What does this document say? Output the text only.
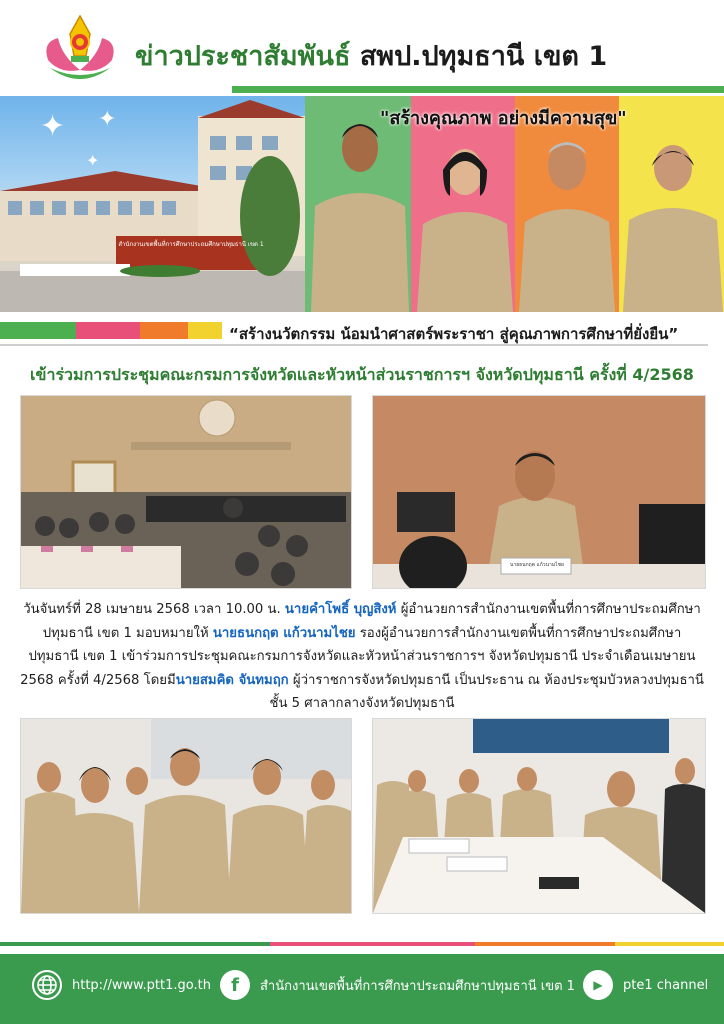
ข่าวประชาสัมพันธ์ สพป.ปทุมธานี เขต 1
✦ ✦
✦
สำนักงานเขตพื้นที่การศึกษาประถมศึกษาปทุมธานี เขต 1
"สร้างคุณภาพ อย่างมีความสุข"
“สร้างนวัตกรรม น้อมนำศาสตร์พระราชา สู่คุณภาพการศึกษาที่ยั่งยืน”
เข้าร่วมการประชุมคณะกรมการจังหวัดและหัวหน้าส่วนราชการฯ จังหวัดปทุมธานี ครั้งที่ 4/2568
นายธนกฤต แก้วนามไชย
วันจันทร์ที่ 28 เมษายน 2568 เวลา 10.00 น. นายคำโพธิ์ บุญสิงห์ ผู้อำนวยการสำนักงานเขตพื้นที่การศึกษาประถมศึกษาปทุมธานี เขต 1 มอบหมายให้ นายธนกฤต แก้วนามไชย รองผู้อำนวยการสำนักงานเขตพื้นที่การศึกษาประถมศึกษาปทุมธานี เขต 1 เข้าร่วมการประชุมคณะกรมการจังหวัดและหัวหน้าส่วนราชการฯ จังหวัดปทุมธานี ประจำเดือนเมษายน 2568 ครั้งที่ 4/2568 โดยมีนายสมคิด จันทมฤก ผู้ว่าราชการจังหวัดปทุมธานี เป็นประธาน ณ ห้องประชุมบัวหลวงปทุมธานี ชั้น 5 ศาลากลางจังหวัดปทุมธานี
http://www.ptt1.go.th	f	สำนักงานเขตพื้นที่การศึกษาประถมศึกษาปทุมธานี เขต 1	▶	pte1 channel
